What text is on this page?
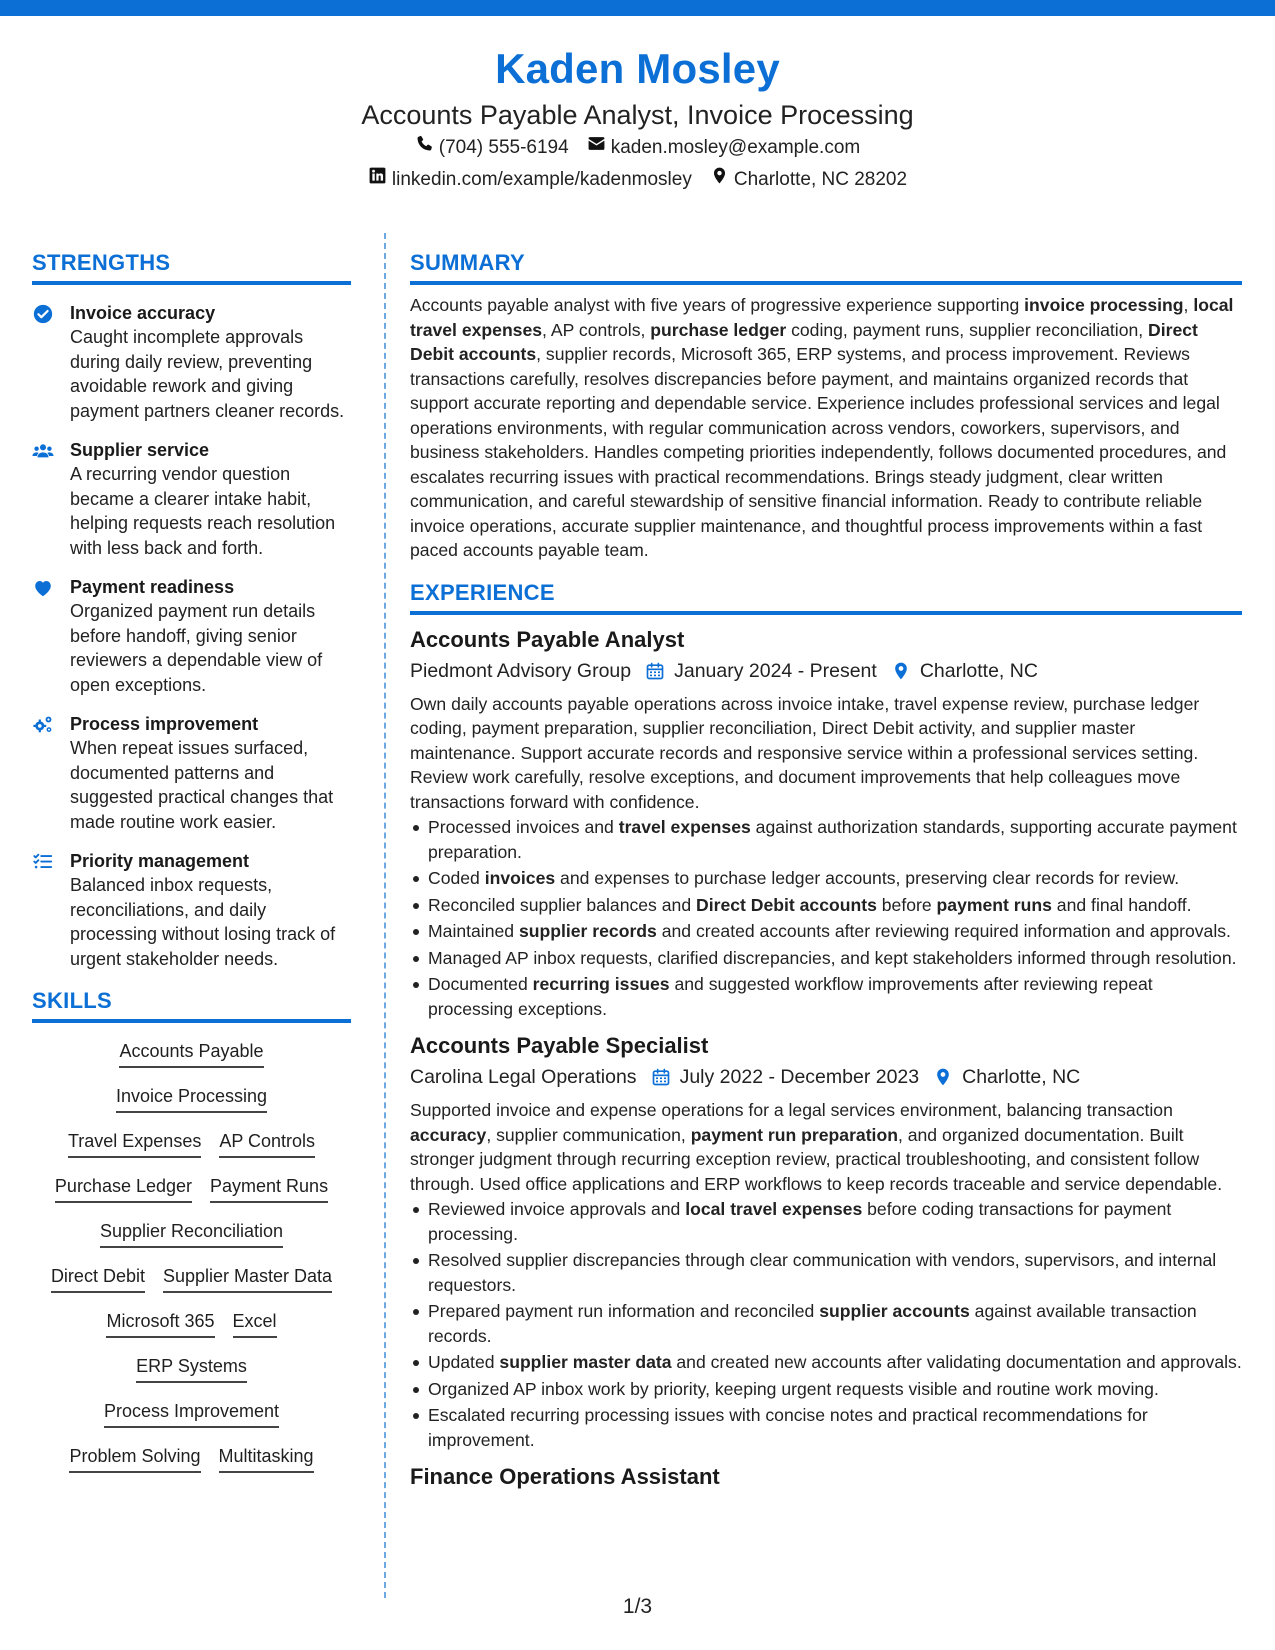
Kaden Mosley
Accounts Payable Analyst, Invoice Processing
(704) 555-6194 kaden.mosley@example.com
linkedin.com/example/kadenmosley Charlotte, NC 28202
STRENGTHS
Invoice accuracy
Caught incomplete approvals during daily review, preventing avoidable rework and giving payment partners cleaner records.
Supplier service
A recurring vendor question became a clearer intake habit, helping requests reach resolution with less back and forth.
Payment readiness
Organized payment run details before handoff, giving senior reviewers a dependable view of open exceptions.
Process improvement
When repeat issues surfaced, documented patterns and suggested practical changes that made routine work easier.
Priority management
Balanced inbox requests, reconciliations, and daily processing without losing track of urgent stakeholder needs.
SKILLS
Accounts Payable
Invoice Processing
Travel Expenses AP Controls
Purchase Ledger Payment Runs
Supplier Reconciliation
Direct Debit Supplier Master Data
Microsoft 365 Excel
ERP Systems
Process Improvement
Problem Solving Multitasking
SUMMARY

Accounts payable analyst with five years of progressive experience supporting invoice processing, local travel expenses, AP controls, purchase ledger coding, payment runs, supplier reconciliation, Direct Debit accounts, supplier records, Microsoft 365, ERP systems, and process improvement. Reviews transactions carefully, resolves discrepancies before payment, and maintains organized records that support accurate reporting and dependable service. Experience includes professional services and legal operations environments, with regular communication across vendors, coworkers, supervisors, and business stakeholders. Handles competing priorities independently, follows documented procedures, and escalates recurring issues with practical recommendations. Brings steady judgment, clear written communication, and careful stewardship of sensitive financial information. Ready to contribute reliable invoice operations, accurate supplier maintenance, and thoughtful process improvements within a fast paced accounts payable team.

EXPERIENCE
Accounts Payable Analyst
Piedmont Advisory Group January 2024 - Present Charlotte, NC

Own daily accounts payable operations across invoice intake, travel expense review, purchase ledger coding, payment preparation, supplier reconciliation, Direct Debit activity, and supplier master maintenance. Support accurate records and responsive service within a professional services setting. Review work carefully, resolve exceptions, and document improvements that help colleagues move transactions forward with confidence.

Processed invoices and travel expenses against authorization standards, supporting accurate payment preparation.
Coded invoices and expenses to purchase ledger accounts, preserving clear records for review.
Reconciled supplier balances and Direct Debit accounts before payment runs and final handoff.
Maintained supplier records and created accounts after reviewing required information and approvals.
Managed AP inbox requests, clarified discrepancies, and kept stakeholders informed through resolution.
Documented recurring issues and suggested workflow improvements after reviewing repeat processing exceptions.
Accounts Payable Specialist
Carolina Legal Operations July 2022 - December 2023 Charlotte, NC

Supported invoice and expense operations for a legal services environment, balancing transaction accuracy, supplier communication, payment run preparation, and organized documentation. Built stronger judgment through recurring exception review, practical troubleshooting, and consistent follow through. Used office applications and ERP workflows to keep records traceable and service dependable.

Reviewed invoice approvals and local travel expenses before coding transactions for payment processing.
Resolved supplier discrepancies through clear communication with vendors, supervisors, and internal requestors.
Prepared payment run information and reconciled supplier accounts against available transaction records.
Updated supplier master data and created new accounts after validating documentation and approvals.
Organized AP inbox work by priority, keeping urgent requests visible and routine work moving.
Escalated recurring processing issues with concise notes and practical recommendations for improvement.
Finance Operations Assistant
1/3
